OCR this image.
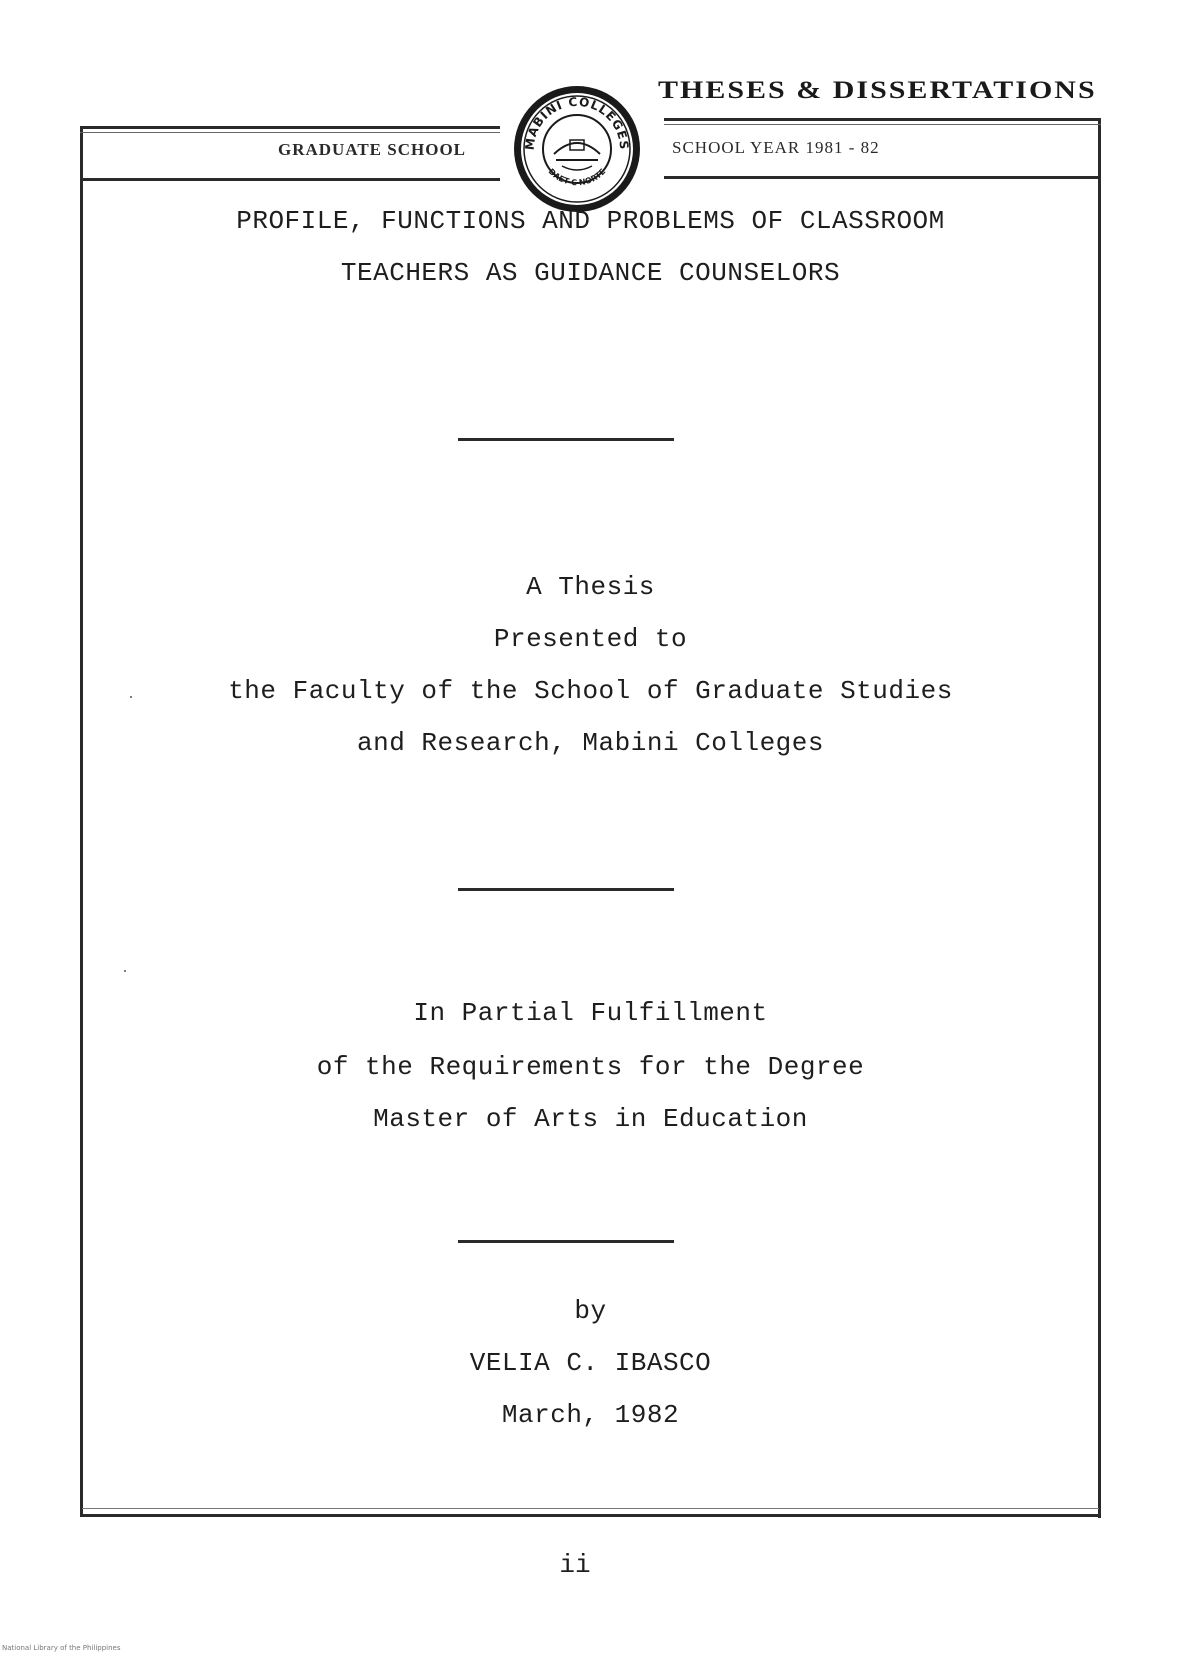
GRADUATE SCHOOL	SCHOOL YEAR 1981 - 82
THESES & DISSERTATIONS
MABINI COLLEGES
DAET C NORTE
PROFILE, FUNCTIONS AND PROBLEMS OF CLASSROOM
TEACHERS AS GUIDANCE COUNSELORS
A Thesis
Presented to
the Faculty of the School of Graduate Studies
and Research, Mabini Colleges
In Partial Fulfillment
of the Requirements for the Degree
Master of Arts in Education
by
VELIA C. IBASCO
March, 1982
ii
National Library of the Philippines
